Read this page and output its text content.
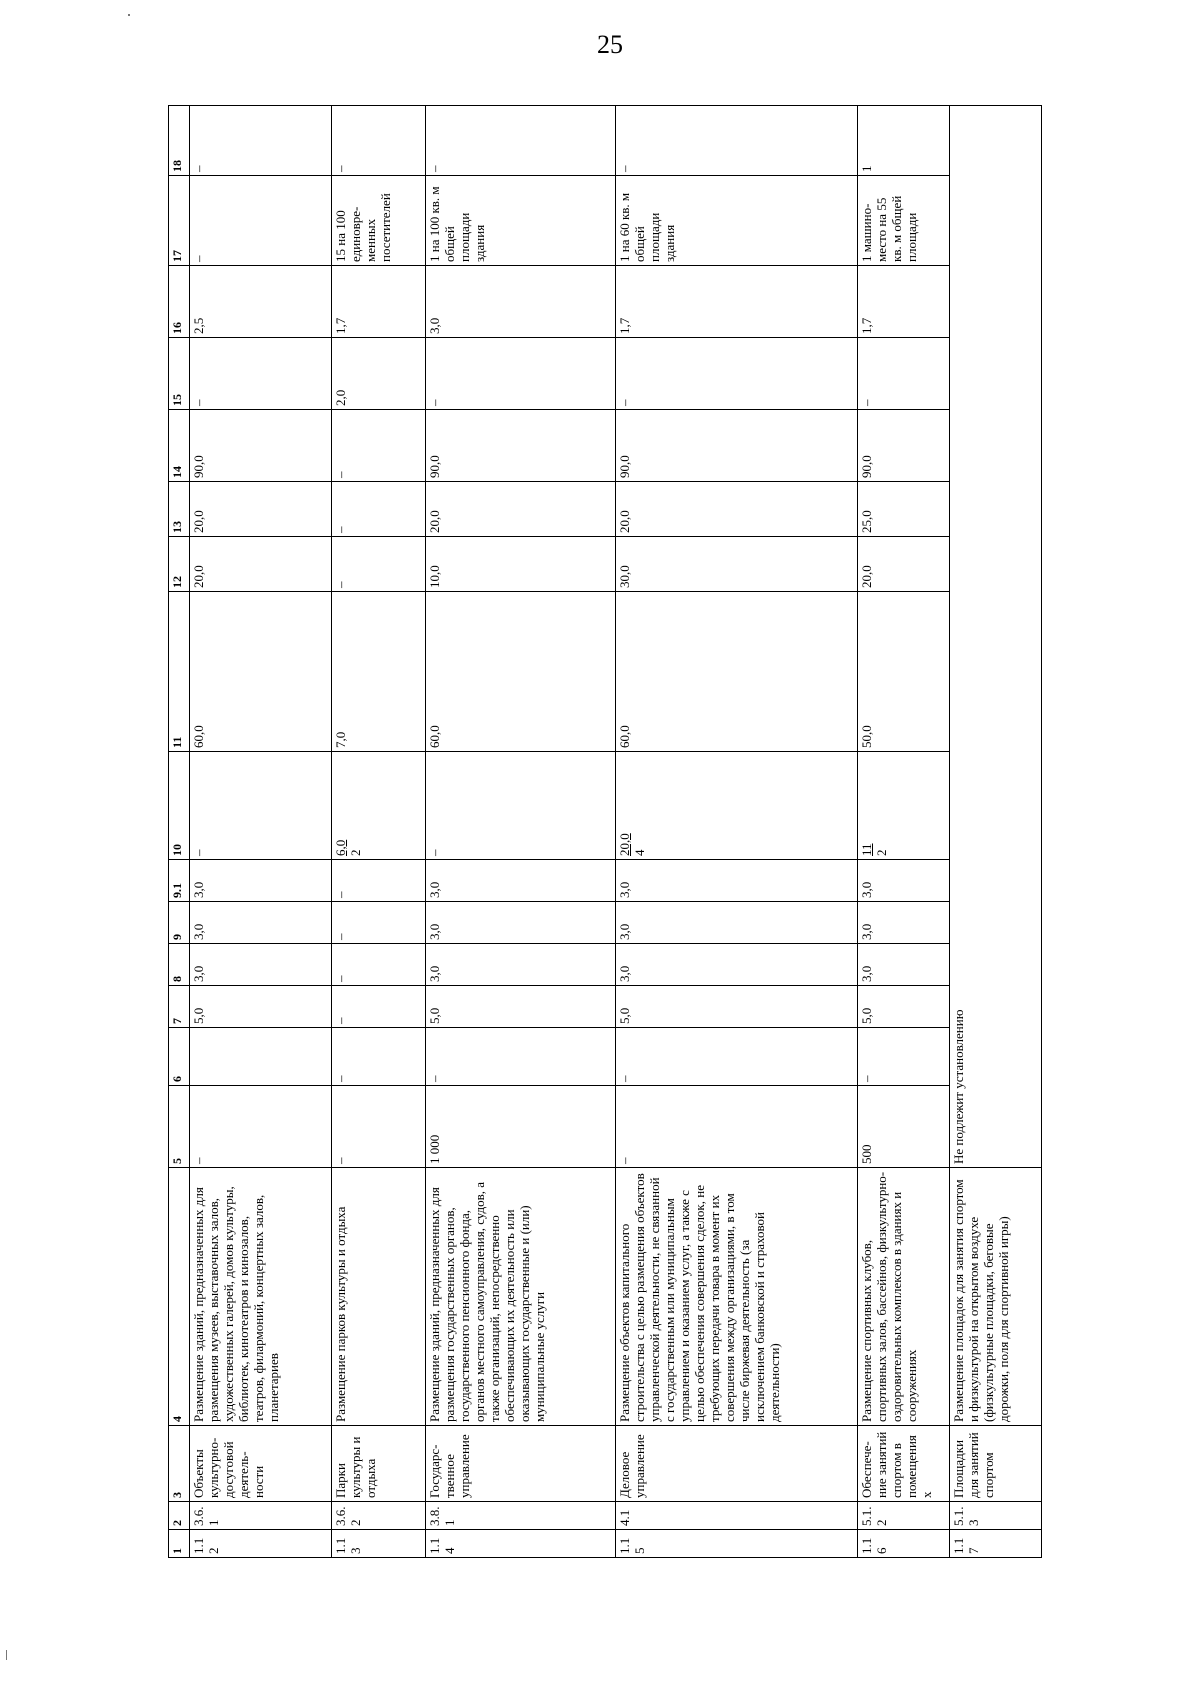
25
1	2	3	4	5	6	7	8	9	9.1	10	11	12	13	14	15	16	17	18
1.12	3.6.1	Объекты культурно-досуговой деятель-ности	Размещение зданий, предназначенных для размещения музеев, выставочных залов, художественных галерей, домов культуры, библиотек, кинотеатров и кинозалов, театров, филармоний, концертных залов, планетариев	–		5,0	3,0	3,0	3,0	–	60,0	20,0	20,0	90,0	–	2,5	–	–
1.13	3.6.2	Парки культуры и отдыха	Размещение парков культуры и отдыха	–	–	–	–	–	–	6,0 2	7,0	–	–	–	2,0	1,7	15 на 100 единовре-менных посетителей	–
1.14	3.8.1	Государс-твенное управление	Размещение зданий, предназначенных для размещения государственных органов, государственного пенсионного фонда, органов местного самоуправления, судов, а также организаций, непосредственно обеспечивающих их деятельность или оказывающих государственные и (или) муниципальные услуги	1 000	–	5,0	3,0	3,0	3,0	–	60,0	10,0	20,0	90,0	–	3,0	1 на 100 кв. м общей площади здания	–
1.15	4.1	Деловое управление	Размещение объектов капитального строительства с целью размещения объектов управленческой деятельности, не связанной с государственным или муниципальным управлением и оказанием услуг, а также с целью обеспечения совершения сделок, не требующих передачи товара в момент их совершения между организациями, в том числе биржевая деятельность (за исключением банковской и страховой деятельности)	–	–	5,0	3,0	3,0	3,0	20,0 4	60,0	30,0	20,0	90,0	–	1,7	1 на 60 кв. м общей площади здания	–
1.16	5.1.2	Обеспече-ние занятий спортом в помещениях	Размещение спортивных клубов, спортивных залов, бассейнов, физкультурно-оздоровительных комплексов в зданиях и сооружениях	500	–	5,0	3,0	3,0	3,0	11 2	50,0	20,0	25,0	90,0	–	1,7	1 машино-место на 55 кв. м общей площади	1
1.17	5.1.3	Площадки для занятий спортом	Размещение площадок для занятия спортом и физкультурой на открытом воздухе (физкультурные площадки, беговые дорожки, поля для спортивной игры)	Не подлежит установлению														
